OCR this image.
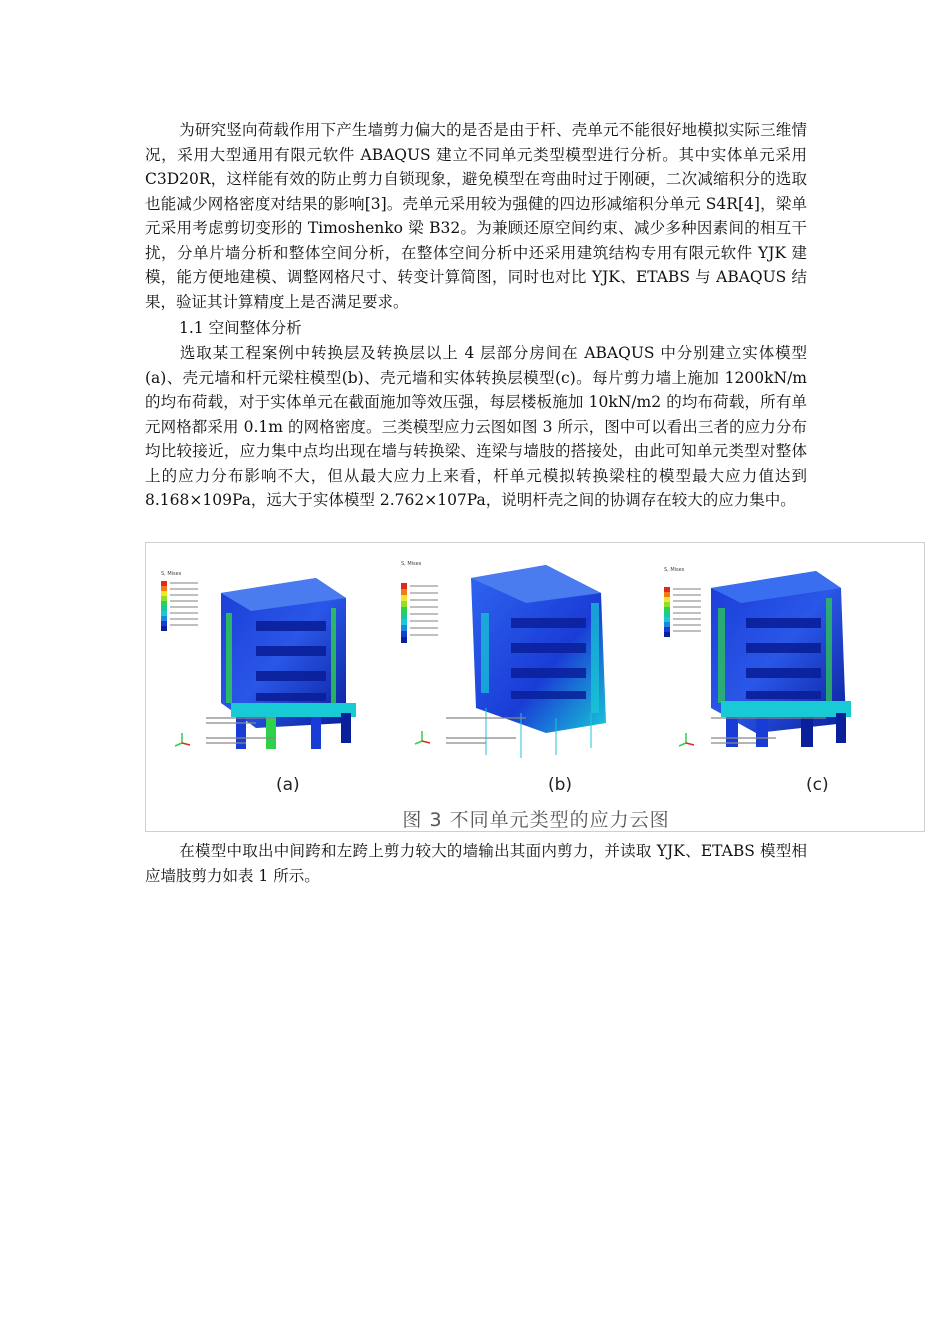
为研究竖向荷载作用下产生墙剪力偏大的是否是由于杆、壳单元不能很好地模拟实际三维情况，采用大型通用有限元软件 ABAQUS 建立不同单元类型模型进行分析。其中实体单元采用 C3D20R，这样能有效的防止剪力自锁现象，避免模型在弯曲时过于刚硬，二次减缩积分的选取也能减少网格密度对结果的影响[3]。壳单元采用较为强健的四边形减缩积分单元 S4R[4]，梁单元采用考虑剪切变形的 Timoshenko 梁 B32。为兼顾还原空间约束、减少多种因素间的相互干扰，分单片墙分析和整体空间分析，在整体空间分析中还采用建筑结构专用有限元软件 YJK 建模，能方便地建模、调整网格尺寸、转变计算简图，同时也对比 YJK、ETABS 与 ABAQUS 结果，验证其计算精度上是否满足要求。

1.1 空间整体分析

选取某工程案例中转换层及转换层以上 4 层部分房间在 ABAQUS 中分别建立实体模型(a)、壳元墙和杆元梁柱模型(b)、壳元墙和实体转换层模型(c)。每片剪力墙上施加 1200kN/m 的均布荷载，对于实体单元在截面施加等效压强，每层楼板施加 10kN/m2 的均布荷载，所有单元网格都采用 0.1m 的网格密度。三类模型应力云图如图 3 所示，图中可以看出三者的应力分布均比较接近，应力集中点均出现在墙与转换梁、连梁与墙肢的搭接处，由此可知单元类型对整体上的应力分布影响不大，但从最大应力上来看，杆单元模拟转换梁柱的模型最大应力值达到 8.168×109Pa，远大于实体模型 2.762×107Pa，说明杆壳之间的协调存在较大的应力集中。

S, Mises
S, Mises
S, Mises
(a)	(b)	(c)
图 3 不同单元类型的应力云图

在模型中取出中间跨和左跨上剪力较大的墙输出其面内剪力，并读取 YJK、ETABS 模型相应墙肢剪力如表 1 所示。
